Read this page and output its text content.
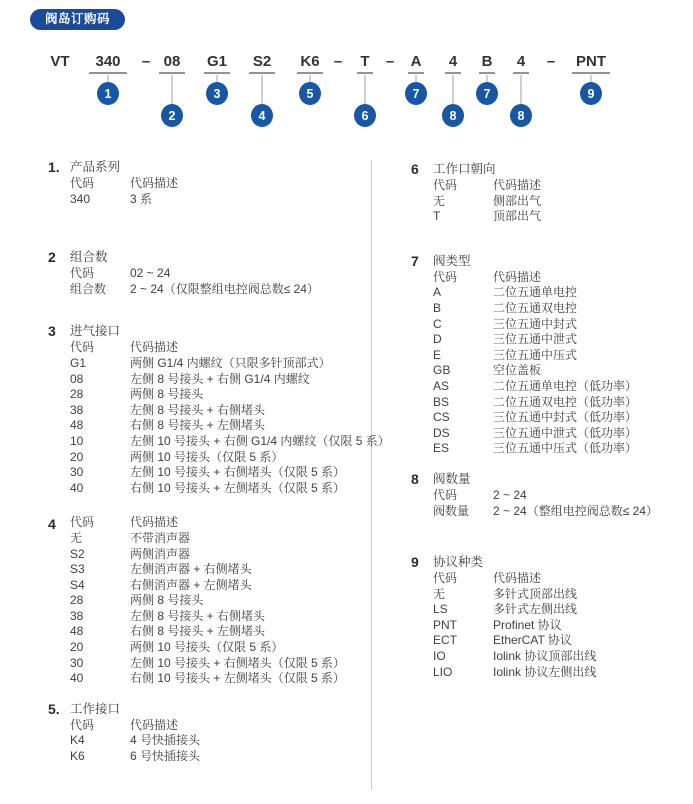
阀岛订购码
VT 340
1
– 08
2
G1
3
S2
4
K6
5
– T
6
– A
7
4
8
B
7
4
8
– PNT
9
1. 产品系列
代码	代码描述
340	3 系
2	组合数
代码	02 ~ 24
组合数	2 ~ 24（仅限整组电控阀总数≤ 24）
3	进气接口
代码	代码描述
G1	两侧 G1/4 内螺纹（只限多针顶部式）
08	左侧 8 号接头 + 右侧 G1/4 内螺纹
28	两侧 8 号接头
38	左侧 8 号接头 + 右侧堵头
48	右侧 8 号接头 + 左侧堵头
10	左侧 10 号接头 + 右侧 G1/4 内螺纹（仅限 5 系）
20	两侧 10 号接头（仅限 5 系）
30	左侧 10 号接头 + 右侧堵头（仅限 5 系）
40	右侧 10 号接头 + 左侧堵头（仅限 5 系）
4	代码	代码描述
无	不带消声器
S2	两侧消声器
S3	左侧消声器 + 右侧堵头
S4	右侧消声器 + 左侧堵头
28	两侧 8 号接头
38	左侧 8 号接头 + 右侧堵头
48	右侧 8 号接头 + 左侧堵头
20	两侧 10 号接头（仅限 5 系）
30	左侧 10 号接头 + 右侧堵头（仅限 5 系）
40	右侧 10 号接头 + 左侧堵头（仅限 5 系）
5. 工作接口
代码	代码描述
K4	4 号快插接头
K6	6 号快插接头
6	工作口朝向
代码	代码描述
无	侧部出气
T	顶部出气
7	阀类型
代码	代码描述
A	二位五通单电控
B	二位五通双电控
C	三位五通中封式
D	三位五通中泄式
E	三位五通中压式
GB	空位盖板
AS	二位五通单电控（低功率）
BS	二位五通双电控（低功率）
CS	三位五通中封式（低功率）
DS	三位五通中泄式（低功率）
ES	三位五通中压式（低功率）
8	阀数量
代码	2 ~ 24
阀数量	2 ~ 24（整组电控阀总数≤ 24）
9	协议种类
代码	代码描述
无	多针式顶部出线
LS	多针式左侧出线
PNT	Profinet 协议
ECT	EtherCAT 协议
IO	Iolink 协议顶部出线
LIO	Iolink 协议左侧出线
